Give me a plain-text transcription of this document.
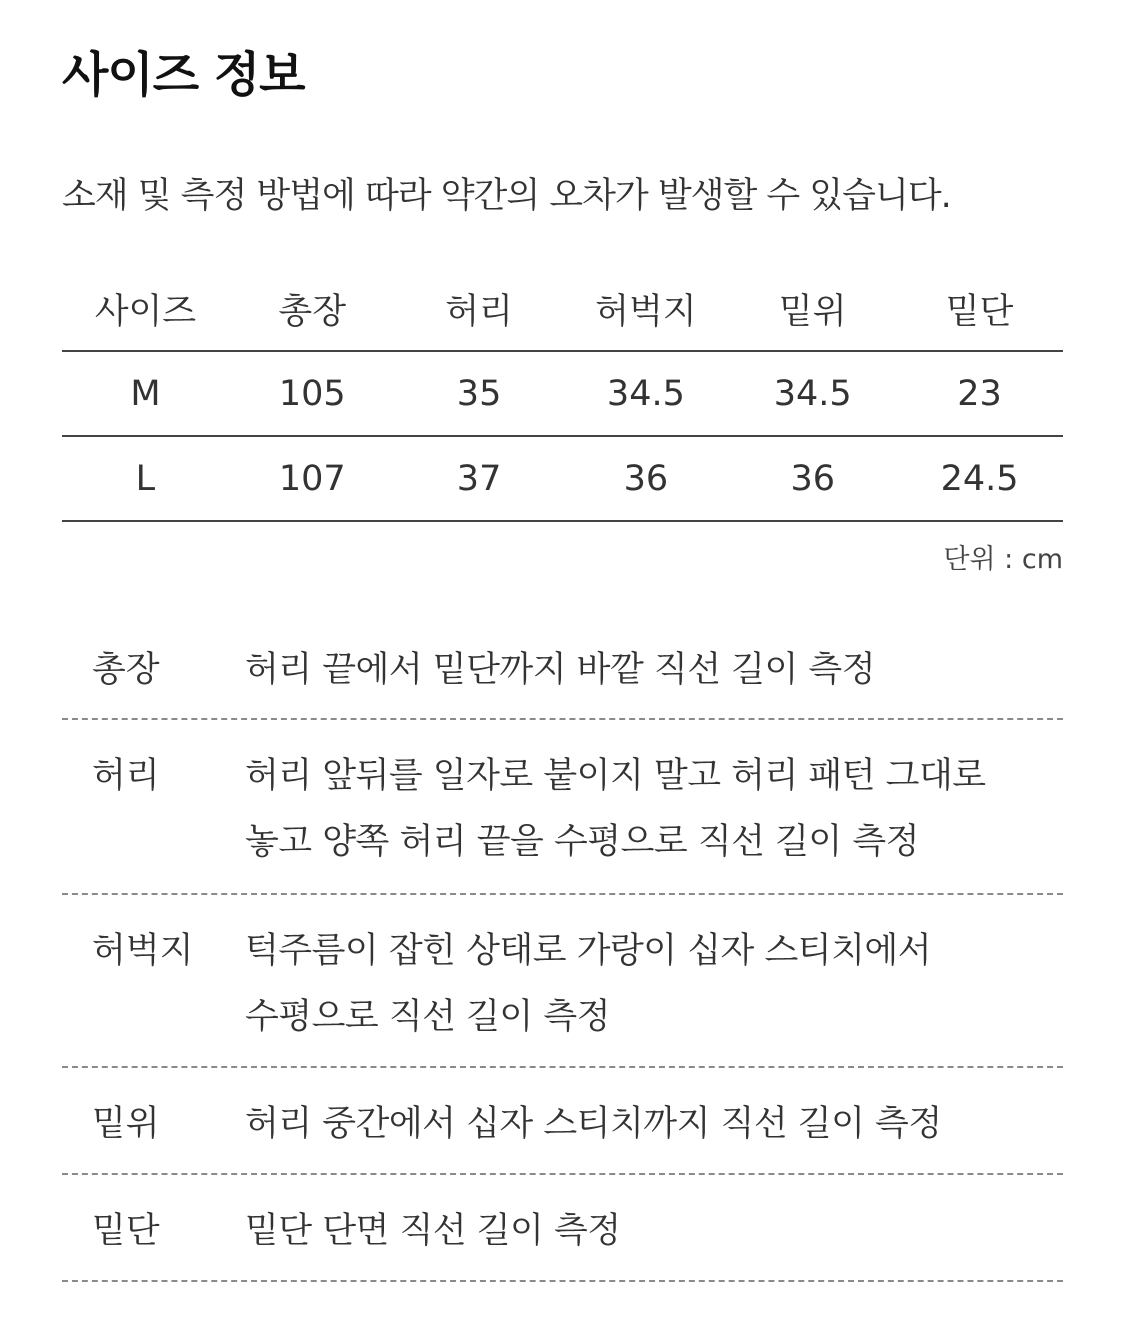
사이즈 정보
소재 및 측정 방법에 따라 약간의 오차가 발생할 수 있습니다.
사이즈	총장	허리	허벅지	밑위	밑단
M	105	35	34.5	34.5	23
L	107	37	36	36	24.5
단위 : cm
총장 허리 끝에서 밑단까지 바깥 직선 길이 측정
허리 허리 앞뒤를 일자로 붙이지 말고 허리 패턴 그대로
놓고 양쪽 허리 끝을 수평으로 직선 길이 측정
허벅지 턱주름이 잡힌 상태로 가랑이 십자 스티치에서
수평으로 직선 길이 측정
밑위 허리 중간에서 십자 스티치까지 직선 길이 측정
밑단 밑단 단면 직선 길이 측정
